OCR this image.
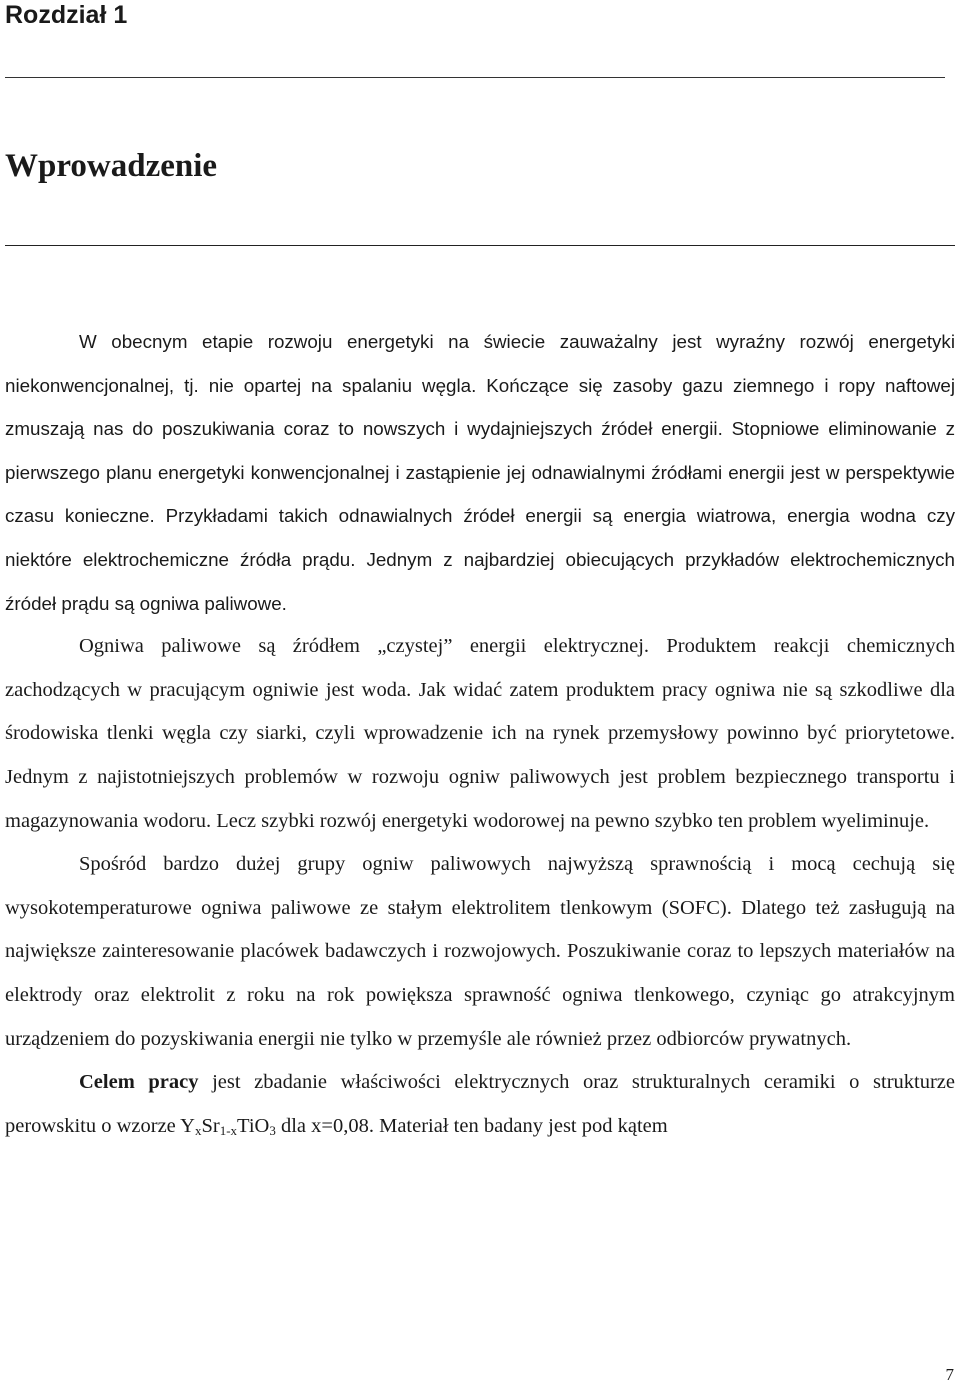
Rozdział 1
Wprowadzenie

W obecnym etapie rozwoju energetyki na świecie zauważalny jest wyraźny rozwój energetyki niekonwencjonalnej, tj. nie opartej na spalaniu węgla. Kończące się zasoby gazu ziemnego i ropy naftowej zmuszają nas do poszukiwania coraz to nowszych i wydajniejszych źródeł energii. Stopniowe eliminowanie z pierwszego planu energetyki konwencjonalnej i zastąpienie jej odnawialnymi źródłami energii jest w perspektywie czasu konieczne. Przykładami takich odnawialnych źródeł energii są energia wiatrowa, energia wodna czy niektóre elektrochemiczne źródła prądu. Jednym z najbardziej obiecujących przykładów elektrochemicznych źródeł prądu są ogniwa paliwowe.

Ogniwa paliwowe są źródłem „czystej” energii elektrycznej. Produktem reakcji chemicznych zachodzących w pracującym ogniwie jest woda. Jak widać zatem produktem pracy ogniwa nie są szkodliwe dla środowiska tlenki węgla czy siarki, czyli wprowadzenie ich na rynek przemysłowy powinno być priorytetowe. Jednym z najistotniejszych problemów w rozwoju ogniw paliwowych jest problem bezpiecznego transportu i magazynowania wodoru. Lecz szybki rozwój energetyki wodorowej na pewno szybko ten problem wyeliminuje.

Spośród bardzo dużej grupy ogniw paliwowych najwyższą sprawnością i mocą cechują się wysokotemperaturowe ogniwa paliwowe ze stałym elektrolitem tlenkowym (SOFC). Dlatego też zasługują na największe zainteresowanie placówek badawczych i rozwojowych. Poszukiwanie coraz to lepszych materiałów na elektrody oraz elektrolit z roku na rok powiększa sprawność ogniwa tlenkowego, czyniąc go atrakcyjnym urządzeniem do pozyskiwania energii nie tylko w przemyśle ale również przez odbiorców prywatnych.

Celem pracy jest zbadanie właściwości elektrycznych oraz strukturalnych ceramiki o strukturze perowskitu o wzorze $Y_xSr_{1-x}TiO_3$ dla x=0,08. Materiał ten badany jest pod kątem

7
